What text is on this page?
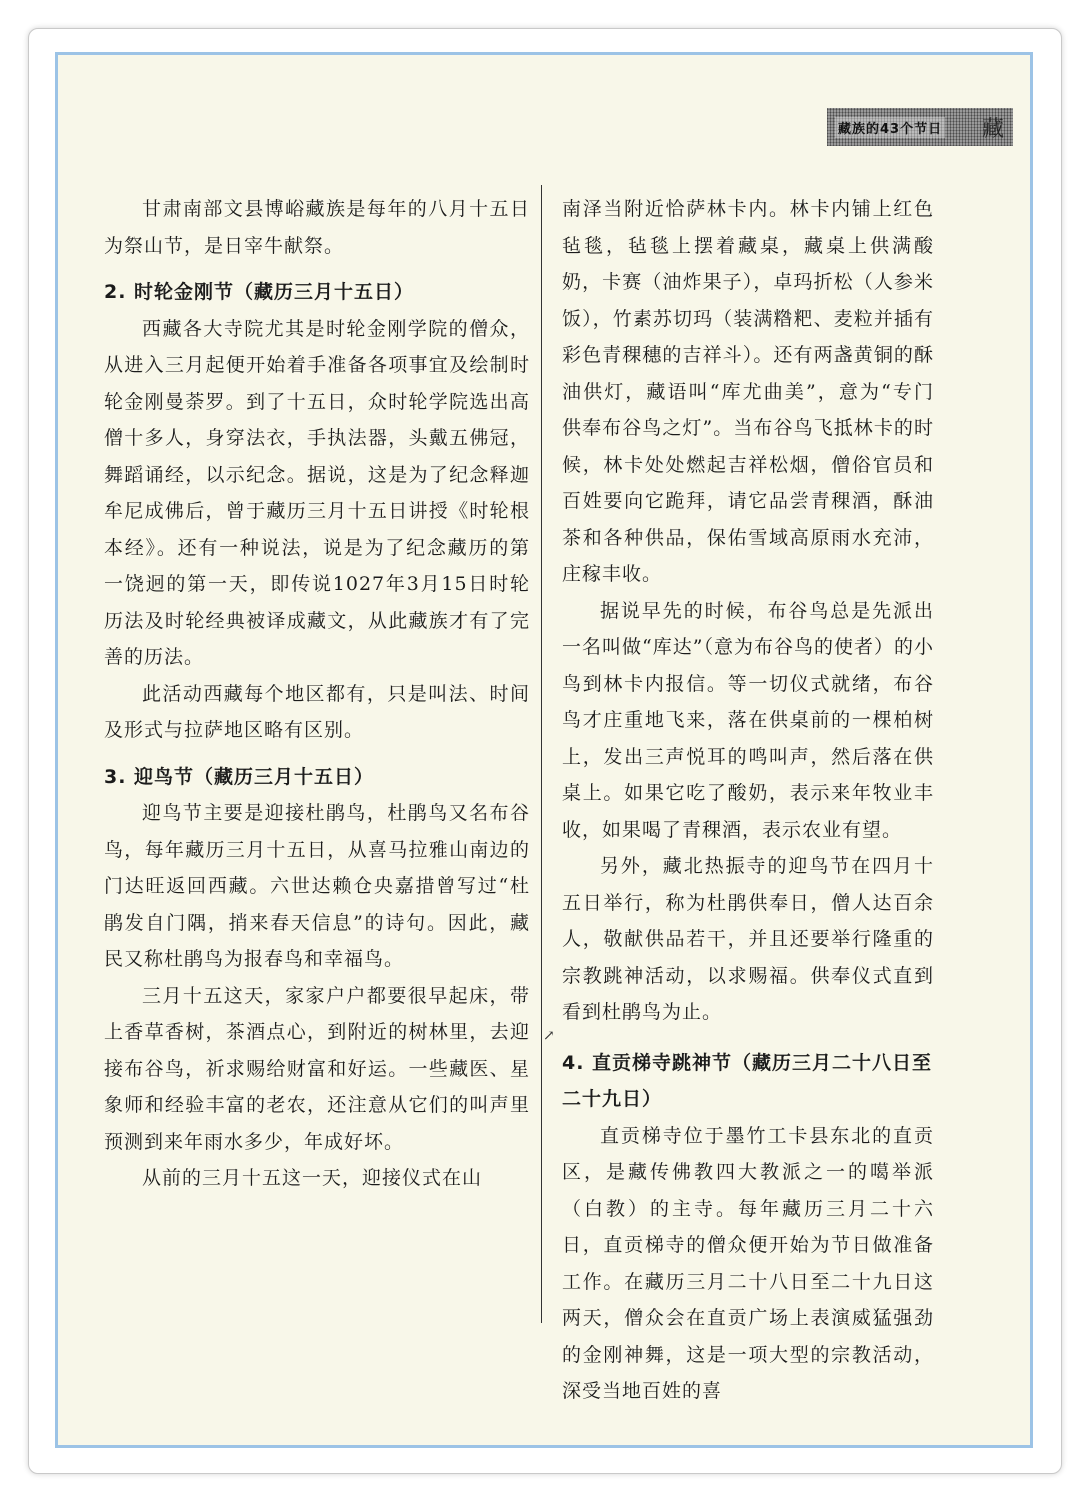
藏族的43个节日 藏
↗

甘肃南部文县博峪藏族是每年的八月十五日为祭山节，是日宰牛献祭。

2. 时轮金刚节（藏历三月十五日）

西藏各大寺院尤其是时轮金刚学院的僧众，从进入三月起便开始着手准备各项事宜及绘制时轮金刚曼荼罗。到了十五日，众时轮学院选出高僧十多人，身穿法衣，手执法器，头戴五佛冠，舞蹈诵经，以示纪念。据说，这是为了纪念释迦牟尼成佛后，曾于藏历三月十五日讲授《时轮根本经》。还有一种说法，说是为了纪念藏历的第一饶迥的第一天，即传说1027年3月15日时轮历法及时轮经典被译成藏文，从此藏族才有了完善的历法。

此活动西藏每个地区都有，只是叫法、时间及形式与拉萨地区略有区别。

3. 迎鸟节（藏历三月十五日）

迎鸟节主要是迎接杜鹃鸟，杜鹃鸟又名布谷鸟，每年藏历三月十五日，从喜马拉雅山南边的门达旺返回西藏。六世达赖仓央嘉措曾写过“杜鹃发自门隅，捎来春天信息”的诗句。因此，藏民又称杜鹃鸟为报春鸟和幸福鸟。

三月十五这天，家家户户都要很早起床，带上香草香树，茶酒点心，到附近的树林里，去迎接布谷鸟，祈求赐给财富和好运。一些藏医、星象师和经验丰富的老农，还注意从它们的叫声里预测到来年雨水多少，年成好坏。

从前的三月十五这一天，迎接仪式在山

南泽当附近恰萨林卡内。林卡内铺上红色毡毯，毡毯上摆着藏桌，藏桌上供满酸奶，卡赛（油炸果子），卓玛折松（人参米饭），竹素苏切玛（装满糌粑、麦粒并插有彩色青稞穗的吉祥斗）。还有两盏黄铜的酥油供灯，藏语叫“库尤曲美”，意为“专门供奉布谷鸟之灯”。当布谷鸟飞抵林卡的时候，林卡处处燃起吉祥松烟，僧俗官员和百姓要向它跪拜，请它品尝青稞酒，酥油茶和各种供品，保佑雪域高原雨水充沛，庄稼丰收。

据说早先的时候，布谷鸟总是先派出一名叫做“库达”（意为布谷鸟的使者）的小鸟到林卡内报信。等一切仪式就绪，布谷鸟才庄重地飞来，落在供桌前的一棵柏树上，发出三声悦耳的鸣叫声，然后落在供桌上。如果它吃了酸奶，表示来年牧业丰收，如果喝了青稞酒，表示农业有望。

另外，藏北热振寺的迎鸟节在四月十五日举行，称为杜鹃供奉日，僧人达百余人，敬献供品若干，并且还要举行隆重的宗教跳神活动，以求赐福。供奉仪式直到看到杜鹃鸟为止。

4. 直贡梯寺跳神节（藏历三月二十八日至二十九日）

直贡梯寺位于墨竹工卡县东北的直贡区，是藏传佛教四大教派之一的噶举派（白教）的主寺。每年藏历三月二十六日，直贡梯寺的僧众便开始为节日做准备工作。在藏历三月二十八日至二十九日这两天，僧众会在直贡广场上表演威猛强劲的金刚神舞，这是一项大型的宗教活动，深受当地百姓的喜
